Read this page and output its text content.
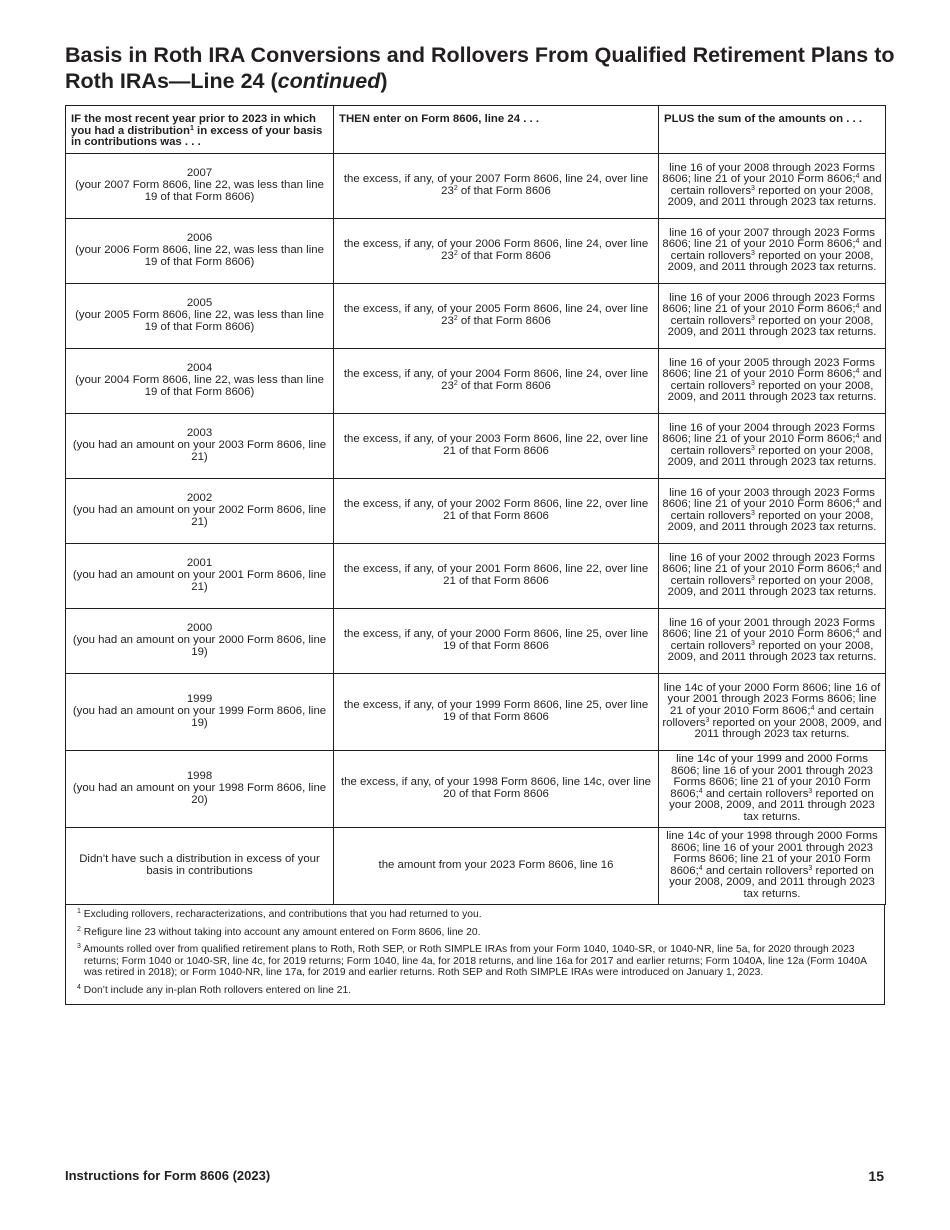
Basis in Roth IRA Conversions and Rollovers From Qualified Retirement Plans to Roth IRAs—Line 24 (continued)
IF the most recent year prior to 2023 in which you had a distribution$^1$ in excess of your basis in contributions was . . .	THEN enter on Form 8606, line 24 . . .	PLUS the sum of the amounts on . . .

2007
(your 2007 Form 8606, line 22, was less than line 19 of that Form 8606)	the excess, if any, of your 2007 Form 8606, line 24, over line $23^2$ of that Form 8606	line 16 of your 2008 through 2023 Forms 8606; line 21 of your 2010 Form 8606;$^4$ and certain rollovers$^3$ reported on your 2008, 2009, and 2011 through 2023 tax returns.

2006
(your 2006 Form 8606, line 22, was less than line 19 of that Form 8606)	the excess, if any, of your 2006 Form 8606, line 24, over line $23^2$ of that Form 8606	line 16 of your 2007 through 2023 Forms 8606; line 21 of your 2010 Form 8606;$^4$ and certain rollovers$^3$ reported on your 2008, 2009, and 2011 through 2023 tax returns.

2005
(your 2005 Form 8606, line 22, was less than line 19 of that Form 8606)	the excess, if any, of your 2005 Form 8606, line 24, over line $23^2$ of that Form 8606	line 16 of your 2006 through 2023 Forms 8606; line 21 of your 2010 Form 8606;$^4$ and certain rollovers$^3$ reported on your 2008, 2009, and 2011 through 2023 tax returns.

2004
(your 2004 Form 8606, line 22, was less than line 19 of that Form 8606)	the excess, if any, of your 2004 Form 8606, line 24, over line $23^2$ of that Form 8606	line 16 of your 2005 through 2023 Forms 8606; line 21 of your 2010 Form 8606;$^4$ and certain rollovers$^3$ reported on your 2008, 2009, and 2011 through 2023 tax returns.

2003
(you had an amount on your 2003 Form 8606, line 21)	the excess, if any, of your 2003 Form 8606, line 22, over line 21 of that Form 8606	line 16 of your 2004 through 2023 Forms 8606; line 21 of your 2010 Form 8606;$^4$ and certain rollovers$^3$ reported on your 2008, 2009, and 2011 through 2023 tax returns.

2002
(you had an amount on your 2002 Form 8606, line 21)	the excess, if any, of your 2002 Form 8606, line 22, over line 21 of that Form 8606	line 16 of your 2003 through 2023 Forms 8606; line 21 of your 2010 Form 8606;$^4$ and certain rollovers$^3$ reported on your 2008, 2009, and 2011 through 2023 tax returns.

2001
(you had an amount on your 2001 Form 8606, line 21)	the excess, if any, of your 2001 Form 8606, line 22, over line 21 of that Form 8606	line 16 of your 2002 through 2023 Forms 8606; line 21 of your 2010 Form 8606;$^4$ and certain rollovers$^3$ reported on your 2008, 2009, and 2011 through 2023 tax returns.

2000
(you had an amount on your 2000 Form 8606, line 19)	the excess, if any, of your 2000 Form 8606, line 25, over line 19 of that Form 8606	line 16 of your 2001 through 2023 Forms 8606; line 21 of your 2010 Form 8606;$^4$ and certain rollovers$^3$ reported on your 2008, 2009, and 2011 through 2023 tax returns.

1999
(you had an amount on your 1999 Form 8606, line 19)	the excess, if any, of your 1999 Form 8606, line 25, over line 19 of that Form 8606	line 14c of your 2000 Form 8606; line 16 of your 2001 through 2023 Forms 8606; line 21 of your 2010 Form 8606;$^4$ and certain rollovers$^3$ reported on your 2008, 2009, and 2011 through 2023 tax returns.

1998
(you had an amount on your 1998 Form 8606, line 20)	the excess, if any, of your 1998 Form 8606, line 14c, over line 20 of that Form 8606	line 14c of your 1999 and 2000 Forms 8606; line 16 of your 2001 through 2023 Forms 8606; line 21 of your 2010 Form 8606;$^4$ and certain rollovers$^3$ reported on your 2008, 2009, and 2011 through 2023 tax returns.
Didn’t have such a distribution in excess of your basis in contributions	the amount from your 2023 Form 8606, line 16	line 14c of your 1998 through 2000 Forms 8606; line 16 of your 2001 through 2023 Forms 8606; line 21 of your 2010 Form 8606;$^4$ and certain rollovers$^3$ reported on your 2008, 2009, and 2011 through 2023 tax returns.

$^1$ Excluding rollovers, recharacterizations, and contributions that you had returned to you.

$^2$ Refigure line 23 without taking into account any amount entered on Form 8606, line 20.

$^3$ Amounts rolled over from qualified retirement plans to Roth, Roth SEP, or Roth SIMPLE IRAs from your Form 1040, 1040-SR, or 1040-NR, line 5a, for 2020 through 2023 returns; Form 1040 or 1040-SR, line 4c, for 2019 returns; Form 1040, line 4a, for 2018 returns, and line 16a for 2017 and earlier returns; Form 1040A, line 12a (Form 1040A was retired in 2018); or Form 1040-NR, line 17a, for 2019 and earlier returns. Roth SEP and Roth SIMPLE IRAs were introduced on January 1, 2023.

$^4$ Don’t include any in-plan Roth rollovers entered on line 21.

Instructions for Form 8606 (2023)	15
